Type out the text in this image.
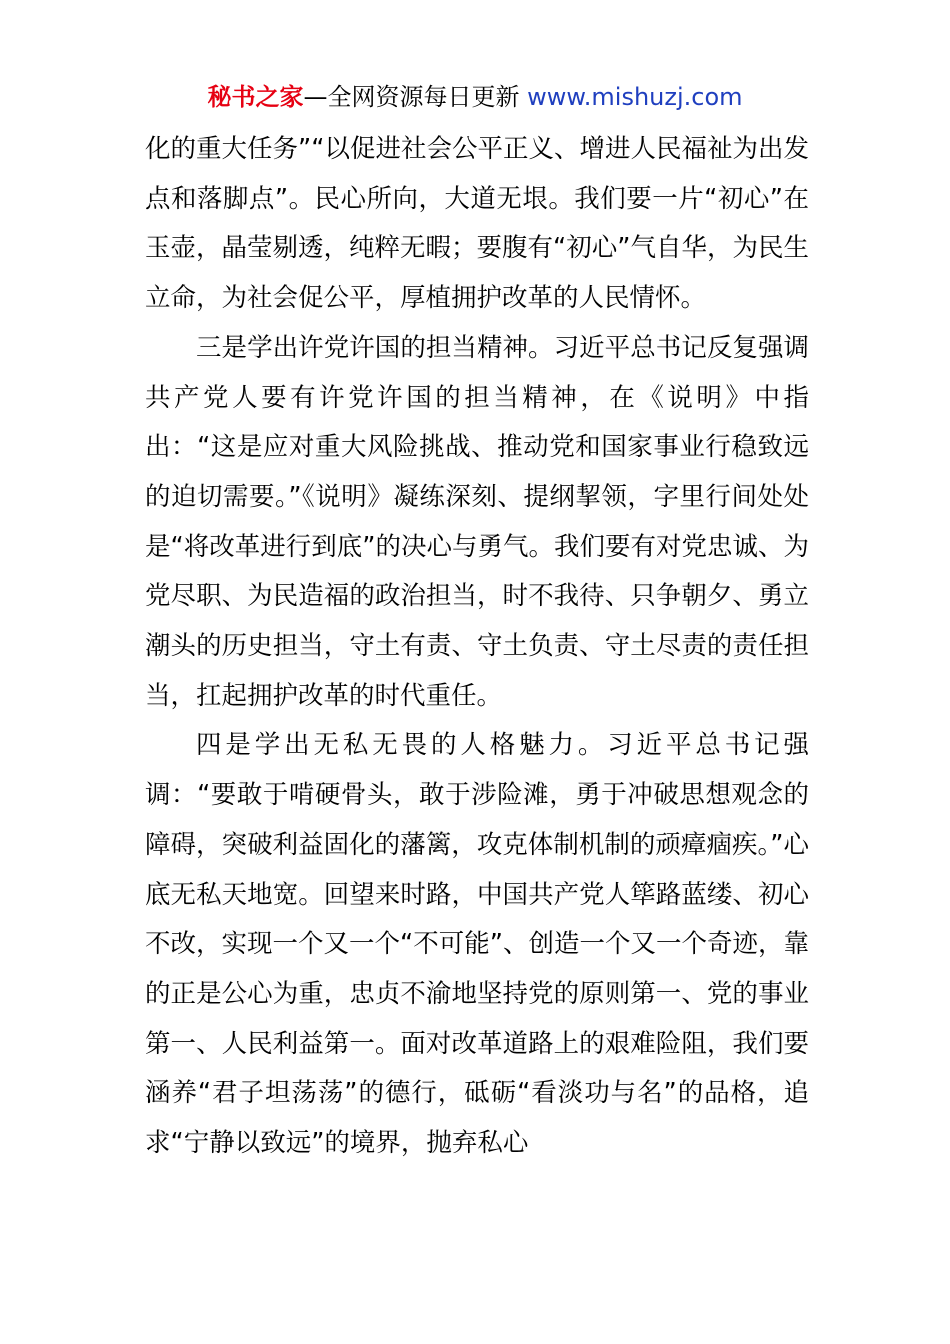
秘书之家—全网资源每日更新 www.mishuzj.com

化的重大任务”“以促进社会公平正义、增进人民福祉为出发点和落脚点”。民心所向，大道无垠。我们要一片“初心”在玉壶，晶莹剔透，纯粹无暇；要腹有“初心”气自华，为民生立命，为社会促公平，厚植拥护改革的人民情怀。

三是学出许党许国的担当精神。习近平总书记反复强调共产党人要有许党许国的担当精神，在《说明》中指出：“这是应对重大风险挑战、推动党和国家事业行稳致远的迫切需要。”《说明》凝练深刻、提纲挈领，字里行间处处是“将改革进行到底”的决心与勇气。我们要有对党忠诚、为党尽职、为民造福的政治担当，时不我待、只争朝夕、勇立潮头的历史担当，守土有责、守土负责、守土尽责的责任担当，扛起拥护改革的时代重任。

四是学出无私无畏的人格魅力。习近平总书记强调：“要敢于啃硬骨头，敢于涉险滩，勇于冲破思想观念的障碍，突破利益固化的藩篱，攻克体制机制的顽瘴痼疾。”心底无私天地宽。回望来时路，中国共产党人筚路蓝缕、初心不改，实现一个又一个“不可能”、创造一个又一个奇迹，靠的正是公心为重，忠贞不渝地坚持党的原则第一、党的事业第一、人民利益第一。面对改革道路上的艰难险阻，我们要涵养“君子坦荡荡”的德行，砥砺“看淡功与名”的品格，追求“宁静以致远”的境界，抛弃私心
